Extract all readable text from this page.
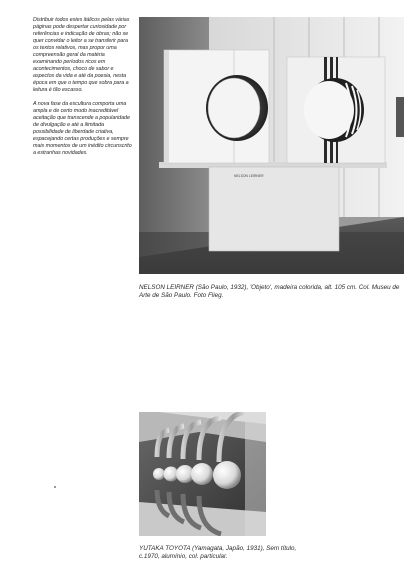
Distribuir todos estes itálicos pelas várias páginas pode despertar curiosidade por referências e indicação de obras; não se quer convidar o leitor a se transferir para os textos relativos, mas propor uma compreensão geral da matéria examinando períodos ricos em acontecimentos, choco de sabor e aspectos da vida e até da poesia, nesta época em que o tempo que sobra para a leitura é tão escasso.

A nova fase da escultura comporta uma ampla e de certo modo inacreditável aceitação que transcende a popularidade de divulgação e até a ilimitada possibilidade de liberdade criativa, espacejando certas produções e sempre mais momentos de um inédito circunscrito a estranhas novidades.

NELSON LEIRNER
NELSON LEIRNER (São Paulo, 1932), 'Objeto', madeira colorida, alt. 105 cm. Col. Museu de Arte de São Paulo. Foto Flieg.
YUTAKA TOYOTA (Yamagata, Japão, 1931), Sem título, c.1970, alumínio, col. particular.
